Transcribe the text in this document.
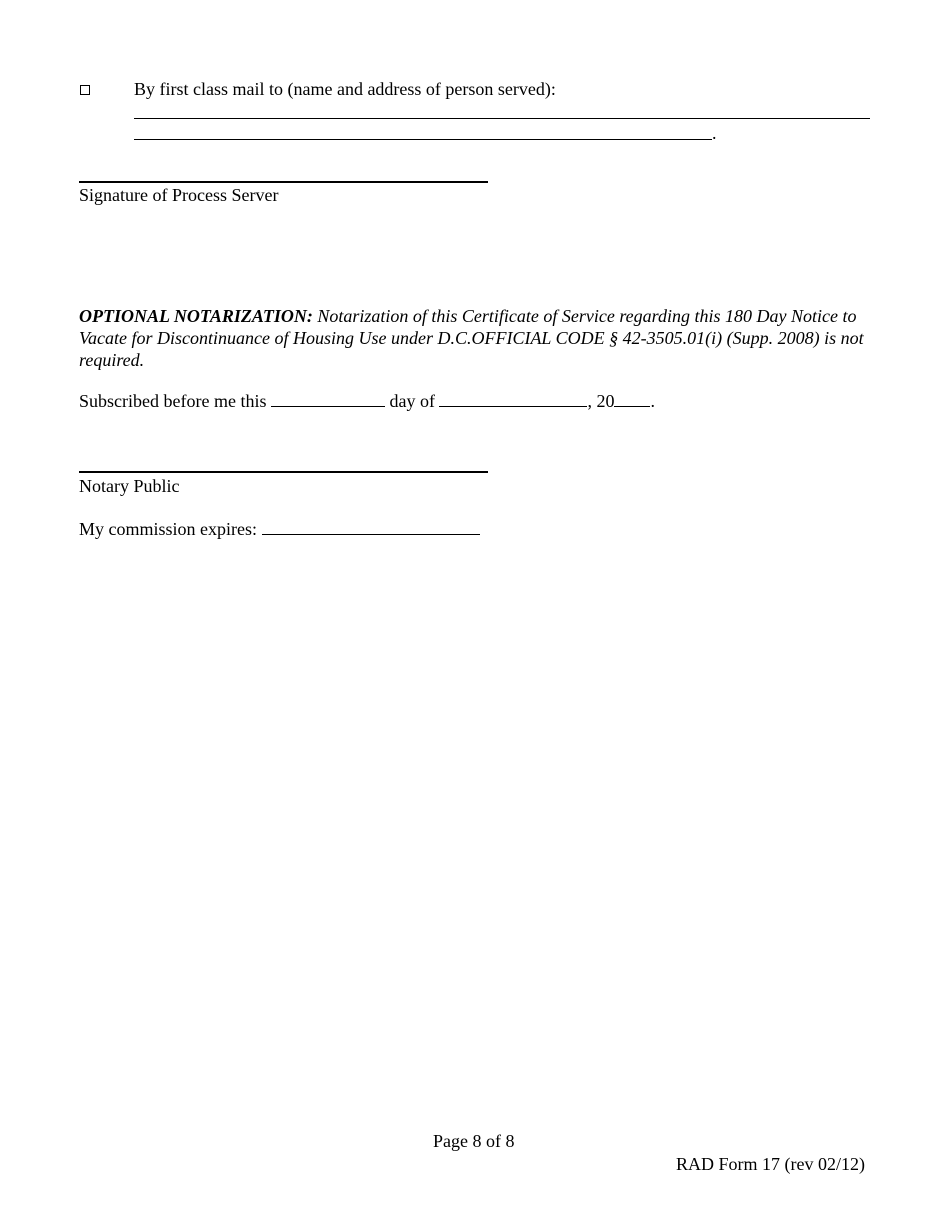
By first class mail to (name and address of person served):
.
Signature of Process Server
OPTIONAL NOTARIZATION: Notarization of this Certificate of Service regarding this 180 Day Notice to Vacate for Discontinuance of Housing Use under D.C.OFFICIAL CODE § 42-3505.01(i) (Supp. 2008) is not required.
Subscribed before me this	day of	, 20 .
Notary Public
My commission expires:
Page 8 of 8
RAD Form 17 (rev 02/12)
